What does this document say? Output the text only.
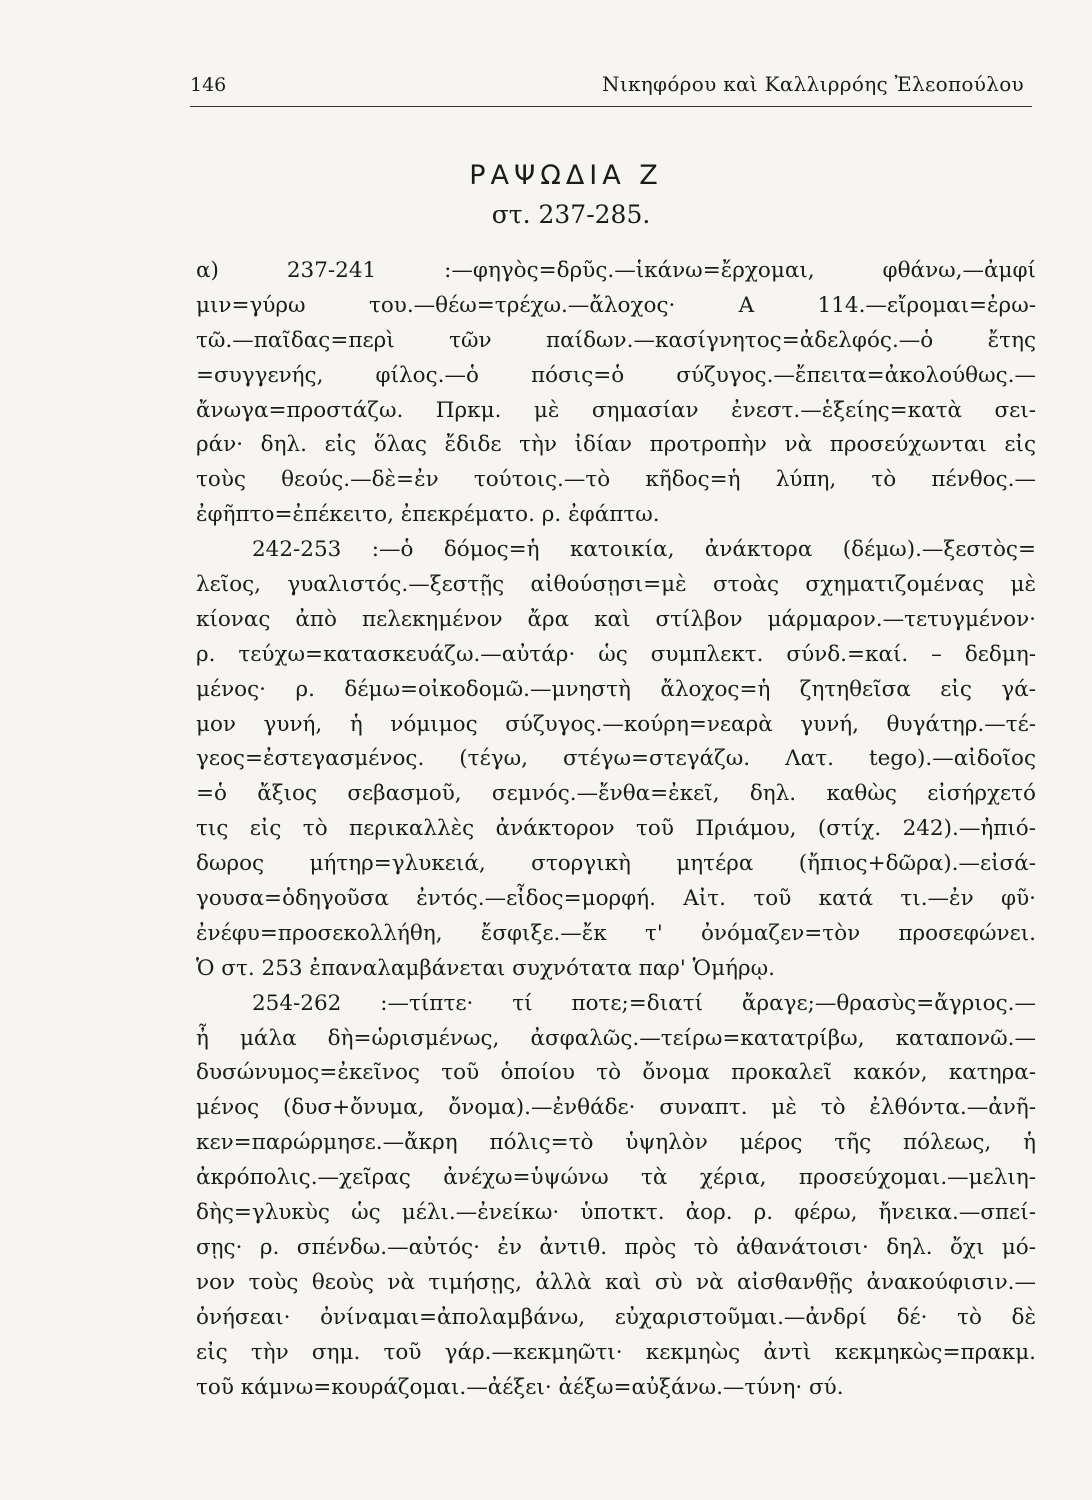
146	Νικηφόρου καὶ Καλλιρρόης Ἐλεοπούλου
ΡΑΨΩΔΙΑ Ζ
στ. 237-285.
α) 237-241 :—φηγὸς=δρῦς.—ἱκάνω=ἔρχομαι, φθάνω,—ἀμφί
μιν=γύρω του.—θέω=τρέχω.—ἄλοχος· Α 114.—εἴρομαι=ἐρω-
τῶ.—παῖδας=περὶ τῶν παίδων.—κασίγνητος=ἀδελφός.—ὁ ἔτης
=συγγενής, φίλος.—ὁ πόσις=ὁ σύζυγος.—ἔπειτα=ἀκολούθως.—
ἄνωγα=προστάζω. Πρκμ. μὲ σημασίαν ἐνεστ.—ἑξείης=κατὰ σει-
ράν· δηλ. εἰς ὅλας ἔδιδε τὴν ἰδίαν προτροπὴν νὰ προσεύχωνται εἰς
τοὺς θεούς.—δὲ=ἐν τούτοις.—τὸ κῆδος=ἡ λύπη, τὸ πένθος.—
ἐφῆπτο=ἐπέκειτο, ἐπεκρέματο. ρ. ἐφάπτω.
242-253 :—ὁ δόμος=ἡ κατοικία, ἀνάκτορα (δέμω).—ξεστὸς=
λεῖος, γυαλιστός.—ξεστῇς αἰθούσῃσι=μὲ στοὰς σχηματιζομένας μὲ
κίονας ἀπὸ πελεκημένον ἄρα καὶ στίλβον μάρμαρον.—τετυγμένον·
ρ. τεύχω=κατασκευάζω.—αὐτάρ· ὡς συμπλεκτ. σύνδ.=καί. – δεδμη-
μένος· ρ. δέμω=οἰκοδομῶ.—μνηστὴ ἄλοχος=ἡ ζητηθεῖσα εἰς γά-
μον γυνή, ἡ νόμιμος σύζυγος.—κούρη=νεαρὰ γυνή, θυγάτηρ.—τέ-
γεος=ἐστεγασμένος. (τέγω, στέγω=στεγάζω. Λατ. tego).—αἰδοῖος
=ὁ ἄξιος σεβασμοῦ, σεμνός.—ἔνθα=ἐκεῖ, δηλ. καθὼς εἰσήρχετό
τις εἰς τὸ περικαλλὲς ἀνάκτορον τοῦ Πριάμου, (στίχ. 242).—ἠπιό-
δωρος μήτηρ=γλυκειά, στοργικὴ μητέρα (ἤπιος+δῶρα).—εἰσά-
γουσα=ὁδηγοῦσα ἐντός.—εἶδος=μορφή. Αἰτ. τοῦ κατά τι.—ἐν φῦ·
ἐνέφυ=προσεκολλήθη, ἔσφιξε.—ἔκ τ' ὀνόμαζεν=τὸν προσεφώνει.
Ὁ στ. 253 ἐπαναλαμβάνεται συχνότατα παρ' Ὁμήρῳ.
254-262 :—τίπτε· τί ποτε;=διατί ἄραγε;—θρασὺς=ἄγριος.—
ἦ μάλα δὴ=ὡρισμένως, ἀσφαλῶς.—τείρω=κατατρίβω, καταπονῶ.—
δυσώνυμος=ἐκεῖνος τοῦ ὁποίου τὸ ὄνομα προκαλεῖ κακόν, κατηρα-
μένος (δυσ+ὄνυμα, ὄνομα).—ἐνθάδε· συναπτ. μὲ τὸ ἐλθόντα.—ἀνῆ-
κεν=παρώρμησε.—ἄκρη πόλις=τὸ ὑψηλὸν μέρος τῆς πόλεως, ἡ
ἀκρόπολις.—χεῖρας ἀνέχω=ὑψώνω τὰ χέρια, προσεύχομαι.—μελιη-
δὴς=γλυκὺς ὡς μέλι.—ἐνείκω· ὑποτκτ. ἀορ. ρ. φέρω, ἤνεικα.—σπεί-
σῃς· ρ. σπένδω.—αὐτός· ἐν ἀντιθ. πρὸς τὸ ἀθανάτοισι· δηλ. ὄχι μό-
νον τοὺς θεοὺς νὰ τιμήσῃς, ἀλλὰ καὶ σὺ νὰ αἰσθανθῇς ἀνακούφισιν.—
ὀνήσεαι· ὀνίναμαι=ἀπολαμβάνω, εὐχαριστοῦμαι.—ἀνδρί δέ· τὸ δὲ
εἰς τὴν σημ. τοῦ γάρ.—κεκμηῶτι· κεκμηὼς ἀντὶ κεκμηκὼς=πρακμ.
τοῦ κάμνω=κουράζομαι.—ἀέξει· ἀέξω=αὐξάνω.—τύνη· σύ.
